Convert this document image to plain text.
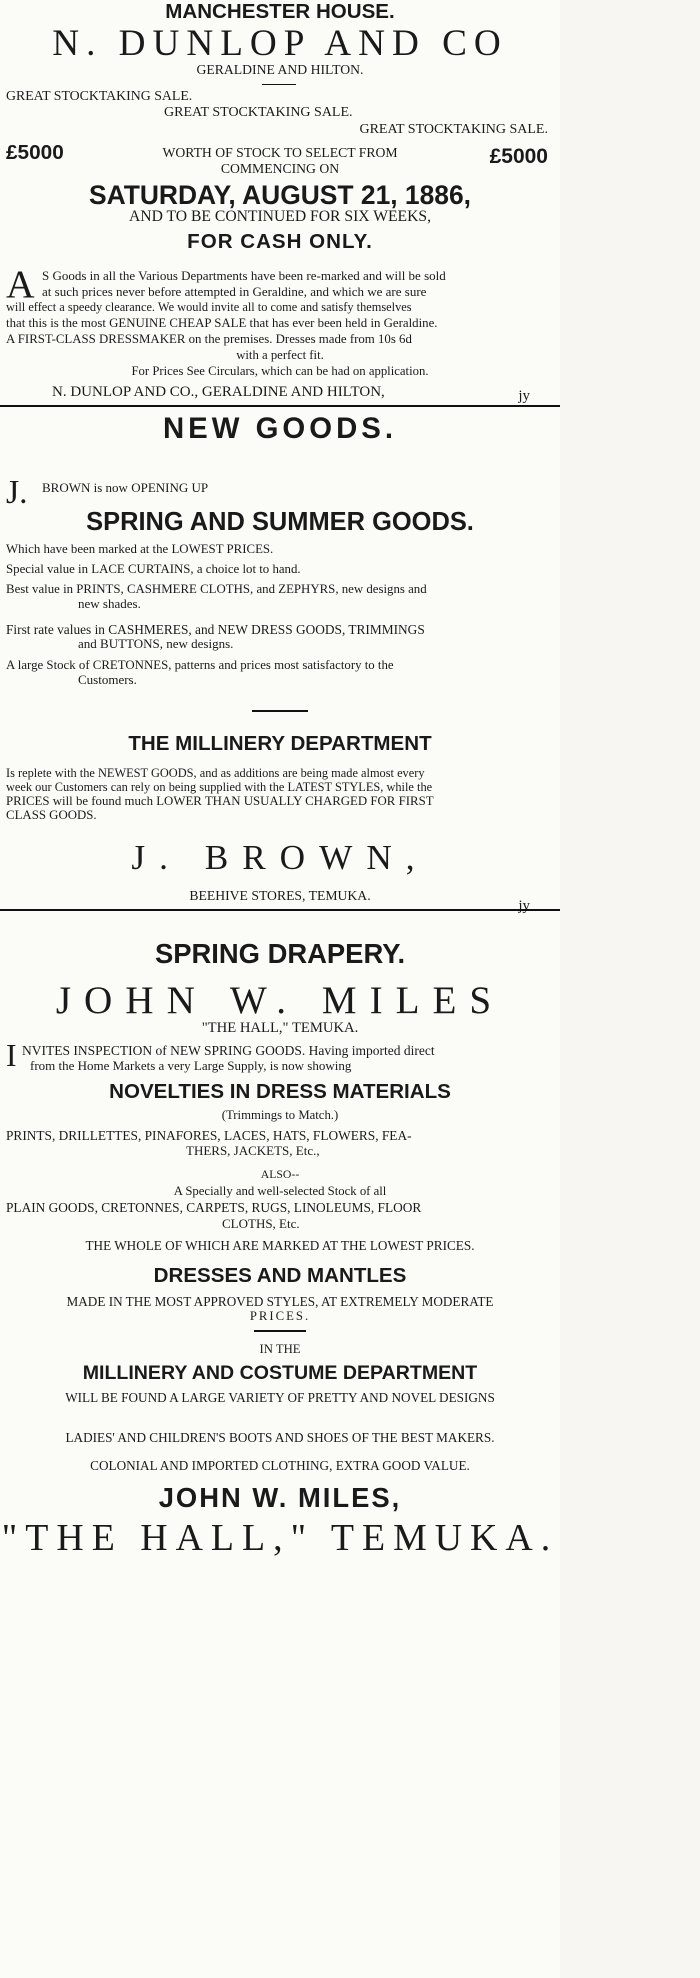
MANCHESTER HOUSE.
N. DUNLOP AND CO
GERALDINE AND HILTON.
GREAT STOCKTAKING SALE.
GREAT STOCKTAKING SALE.
GREAT STOCKTAKING SALE.
£5000	£5000
WORTH OF STOCK TO SELECT FROM
COMMENCING ON
SATURDAY, AUGUST 21, 1886,
AND TO BE CONTINUED FOR SIX WEEKS,
FOR CASH ONLY.
A S Goods in all the Various Departments have been re-marked and will be sold
at such prices never before attempted in Geraldine, and which we are sure
will effect a speedy clearance. We would invite all to come and satisfy themselves
that this is the most GENUINE CHEAP SALE that has ever been held in Geraldine.
A FIRST-CLASS DRESSMAKER on the premises. Dresses made from 10s 6d
with a perfect fit.
For Prices See Circulars, which can be had on application.
N. DUNLOP AND CO., GERALDINE AND HILTON,	jy
NEW GOODS.
J.	BROWN is now OPENING UP
SPRING AND SUMMER GOODS.
Which have been marked at the LOWEST PRICES.
Special value in LACE CURTAINS, a choice lot to hand.
Best value in PRINTS, CASHMERE CLOTHS, and ZEPHYRS, new designs and
new shades.
First rate values in CASHMERES, and NEW DRESS GOODS, TRIMMINGS
and BUTTONS, new designs.
A large Stock of CRETONNES, patterns and prices most satisfactory to the
Customers.
THE MILLINERY DEPARTMENT
Is replete with the NEWEST GOODS, and as additions are being made almost every
week our Customers can rely on being supplied with the LATEST STYLES, while the
PRICES will be found much LOWER THAN USUALLY CHARGED FOR FIRST
CLASS GOODS.
J. BROWN,
BEEHIVE STORES, TEMUKA.
jy
SPRING DRAPERY.
JOHN W. MILES
"THE HALL," TEMUKA.
I NVITES INSPECTION of NEW SPRING GOODS. Having imported direct
from the Home Markets a very Large Supply, is now showing
NOVELTIES IN DRESS MATERIALS
(Trimmings to Match.)
PRINTS, DRILLETTES, PINAFORES, LACES, HATS, FLOWERS, FEA-
THERS, JACKETS, Etc.,
ALSO--
A Specially and well-selected Stock of all
PLAIN GOODS, CRETONNES, CARPETS, RUGS, LINOLEUMS, FLOOR
CLOTHS, Etc.
THE WHOLE OF WHICH ARE MARKED AT THE LOWEST PRICES.
DRESSES AND MANTLES
MADE IN THE MOST APPROVED STYLES, AT EXTREMELY MODERATE
PRICES.
IN THE
MILLINERY AND COSTUME DEPARTMENT
WILL BE FOUND A LARGE VARIETY OF PRETTY AND NOVEL DESIGNS
LADIES' AND CHILDREN'S BOOTS AND SHOES OF THE BEST MAKERS.
COLONIAL AND IMPORTED CLOTHING, EXTRA GOOD VALUE.
JOHN W. MILES,
"THE HALL," TEMUKA.
